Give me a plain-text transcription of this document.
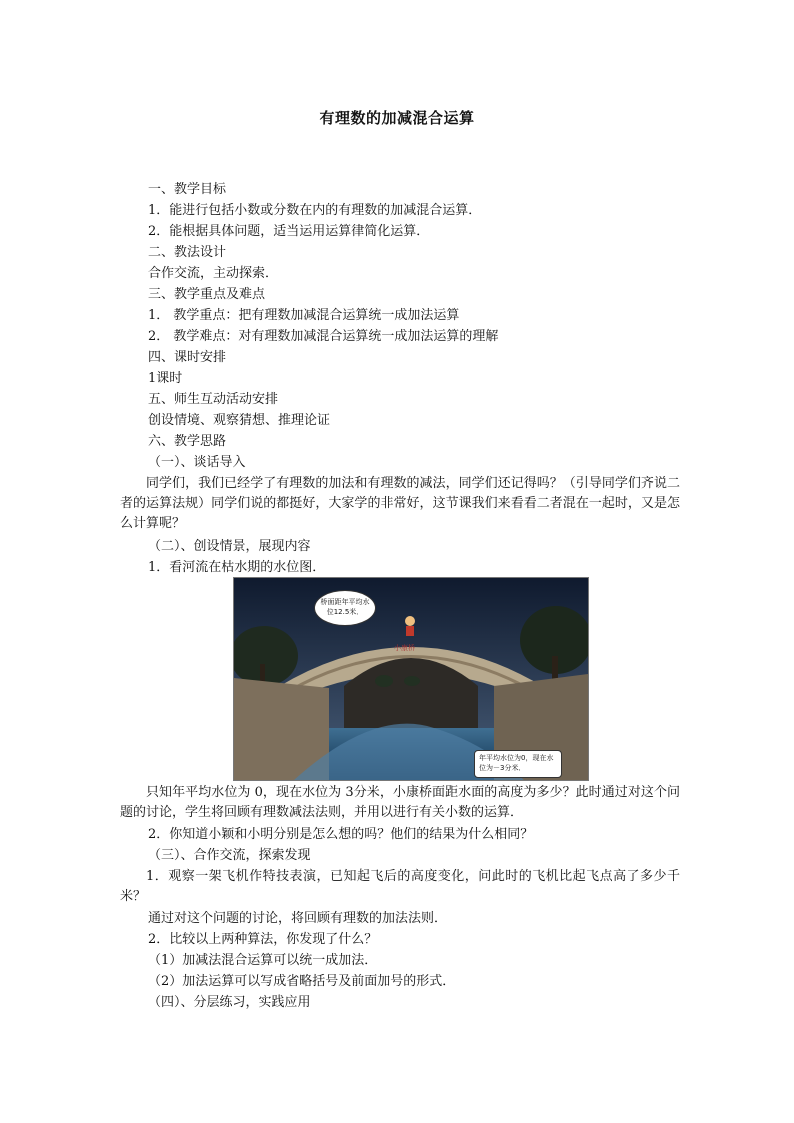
有理数的加减混合运算
一、教学目标
1．能进行包括小数或分数在内的有理数的加减混合运算．
2．能根据具体问题，适当运用运算律简化运算．
二、教法设计
合作交流，主动探索．
三、教学重点及难点
1． 教学重点：把有理数加减混合运算统一成加法运算
2． 教学难点：对有理数加减混合运算统一成加法运算的理解
四、课时安排
1课时
五、师生互动活动安排
创设情境、观察猜想、推理论证
六、教学思路
（一）、谈话导入
同学们，我们已经学了有理数的加法和有理数的减法，同学们还记得吗？（引导同学们齐说二者的运算法规）同学们说的都挺好，大家学的非常好，这节课我们来看看二者混在一起时，又是怎么计算呢？
（二）、创设情景，展现内容
1．看河流在枯水期的水位图．
桥面距年平均水位12.5米．
小康桥
年平均水位为0，现在水位为－3分米．
只知年平均水位为 0，现在水位为 3分米，小康桥面距水面的高度为多少？此时通过对这个问题的讨论，学生将回顾有理数减法法则，并用以进行有关小数的运算．
2．你知道小颖和小明分别是怎么想的吗？他们的结果为什么相同？
（三）、合作交流，探索发现
1．观察一架飞机作特技表演，已知起飞后的高度变化，问此时的飞机比起飞点高了多少千米？
通过对这个问题的讨论，将回顾有理数的加法法则．
2．比较以上两种算法，你发现了什么？
（1）加减法混合运算可以统一成加法．
（2）加法运算可以写成省略括号及前面加号的形式．
（四）、分层练习，实践应用
